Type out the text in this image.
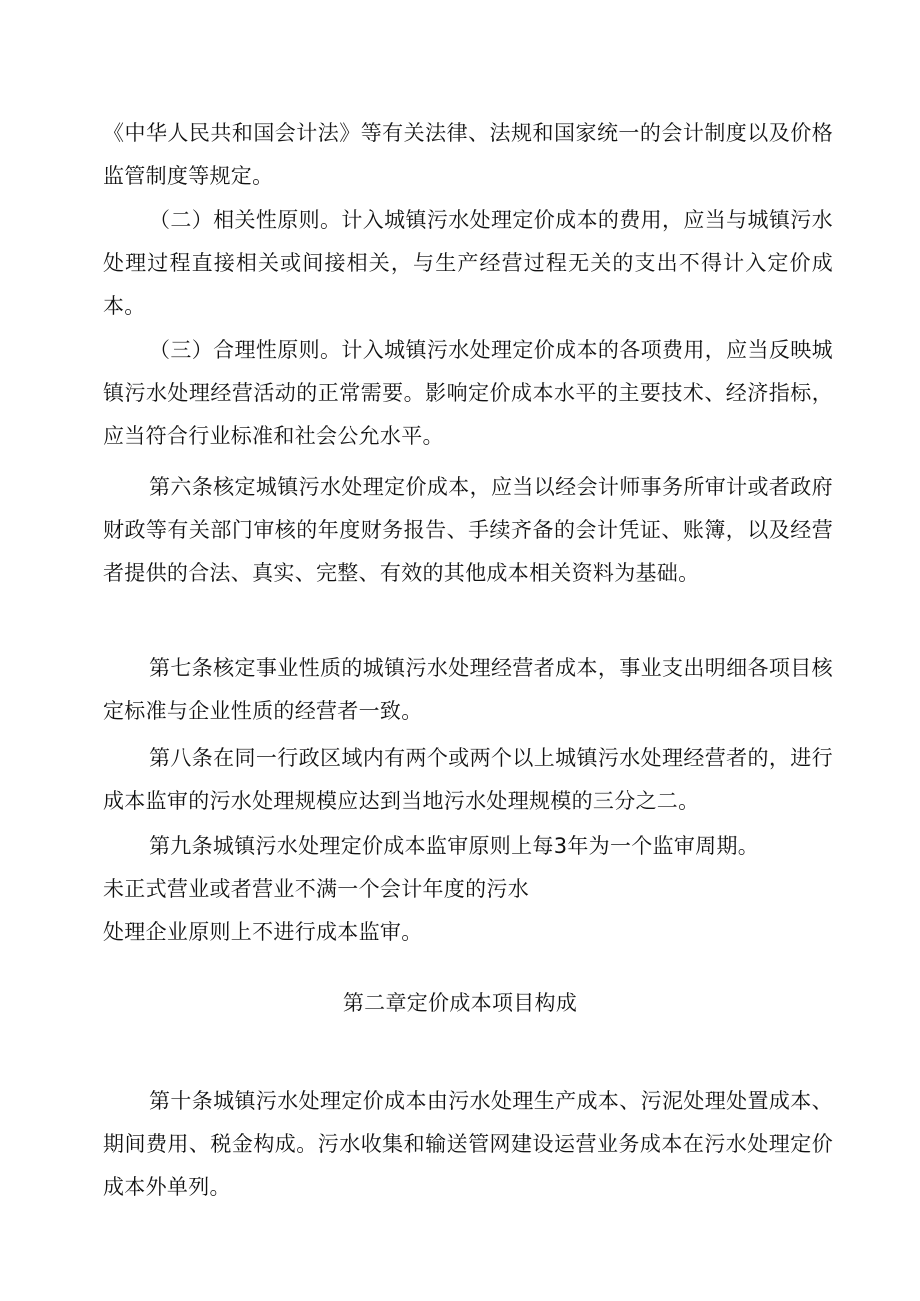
《中华人民共和国会计法》等有关法律、法规和国家统一的会计制度以及价格监管制度等规定。

（二）相关性原则。计入城镇污水处理定价成本的费用，应当与城镇污水处理过程直接相关或间接相关，与生产经营过程无关的支出不得计入定价成本。

（三）合理性原则。计入城镇污水处理定价成本的各项费用，应当反映城镇污水处理经营活动的正常需要。影响定价成本水平的主要技术、经济指标，应当符合行业标准和社会公允水平。

第六条核定城镇污水处理定价成本，应当以经会计师事务所审计或者政府财政等有关部门审核的年度财务报告、手续齐备的会计凭证、账簿，以及经营者提供的合法、真实、完整、有效的其他成本相关资料为基础。

第七条核定事业性质的城镇污水处理经营者成本，事业支出明细各项目核定标准与企业性质的经营者一致。

第八条在同一行政区域内有两个或两个以上城镇污水处理经营者的，进行成本监审的污水处理规模应达到当地污水处理规模的三分之二。

第九条城镇污水处理定价成本监审原则上每3年为一个监审周期。

未正式营业或者营业不满一个会计年度的污水
处理企业原则上不进行成本监审。

第二章定价成本项目构成

第十条城镇污水处理定价成本由污水处理生产成本、污泥处理处置成本、期间费用、税金构成。污水收集和输送管网建设运营业务成本在污水处理定价成本外单列。
